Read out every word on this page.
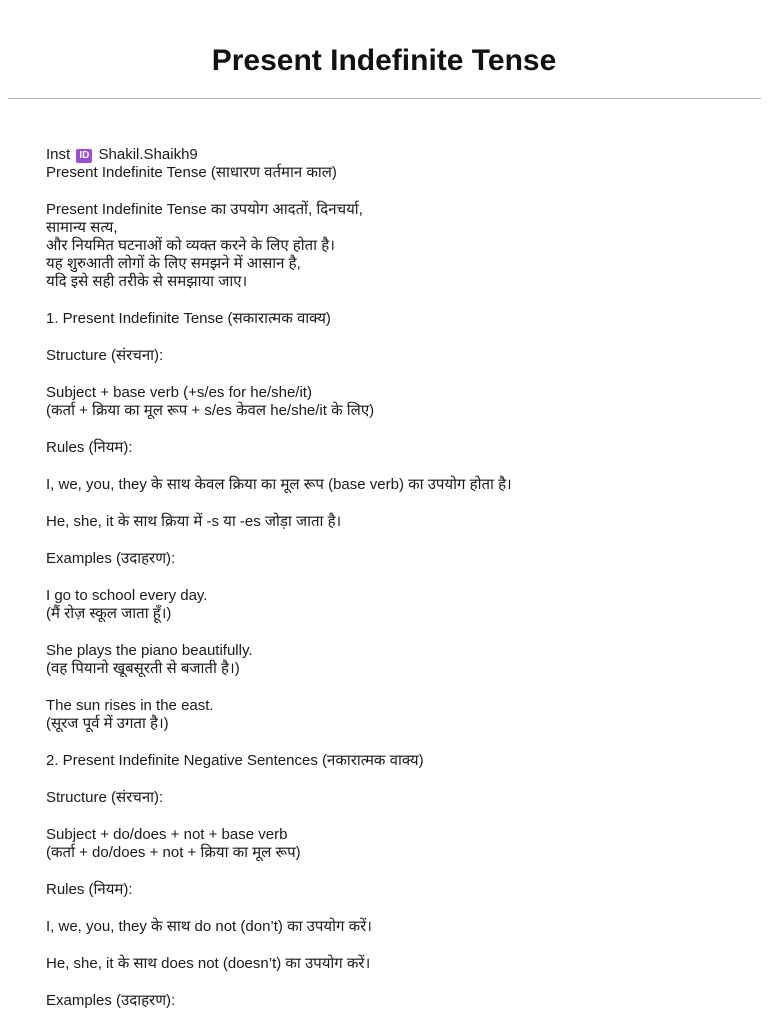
Present Indefinite Tense
Inst ID Shakil.Shaikh9
Present Indefinite Tense (साधारण वर्तमान काल)
Present Indefinite Tense का उपयोग आदतों, दिनचर्या,
सामान्य सत्य,
और नियमित घटनाओं को व्यक्त करने के लिए होता है।
यह शुरुआती लोगों के लिए समझने में आसान है,
यदि इसे सही तरीके से समझाया जाए।
1. Present Indefinite Tense (सकारात्मक वाक्य)
Structure (संरचना):
Subject + base verb (+s/es for he/she/it)
(कर्ता + क्रिया का मूल रूप + s/es केवल he/she/it के लिए)
Rules (नियम):
I, we, you, they के साथ केवल क्रिया का मूल रूप (base verb) का उपयोग होता है।
He, she, it के साथ क्रिया में -s या -es जोड़ा जाता है।
Examples (उदाहरण):
I go to school every day.
(मैं रोज़ स्कूल जाता हूँ।)
She plays the piano beautifully.
(वह पियानो खूबसूरती से बजाती है।)
The sun rises in the east.
(सूरज पूर्व में उगता है।)
2. Present Indefinite Negative Sentences (नकारात्मक वाक्य)
Structure (संरचना):
Subject + do/does + not + base verb
(कर्ता + do/does + not + क्रिया का मूल रूप)
Rules (नियम):
I, we, you, they के साथ do not (don’t) का उपयोग करें।
He, she, it के साथ does not (doesn’t) का उपयोग करें।
Examples (उदाहरण):
